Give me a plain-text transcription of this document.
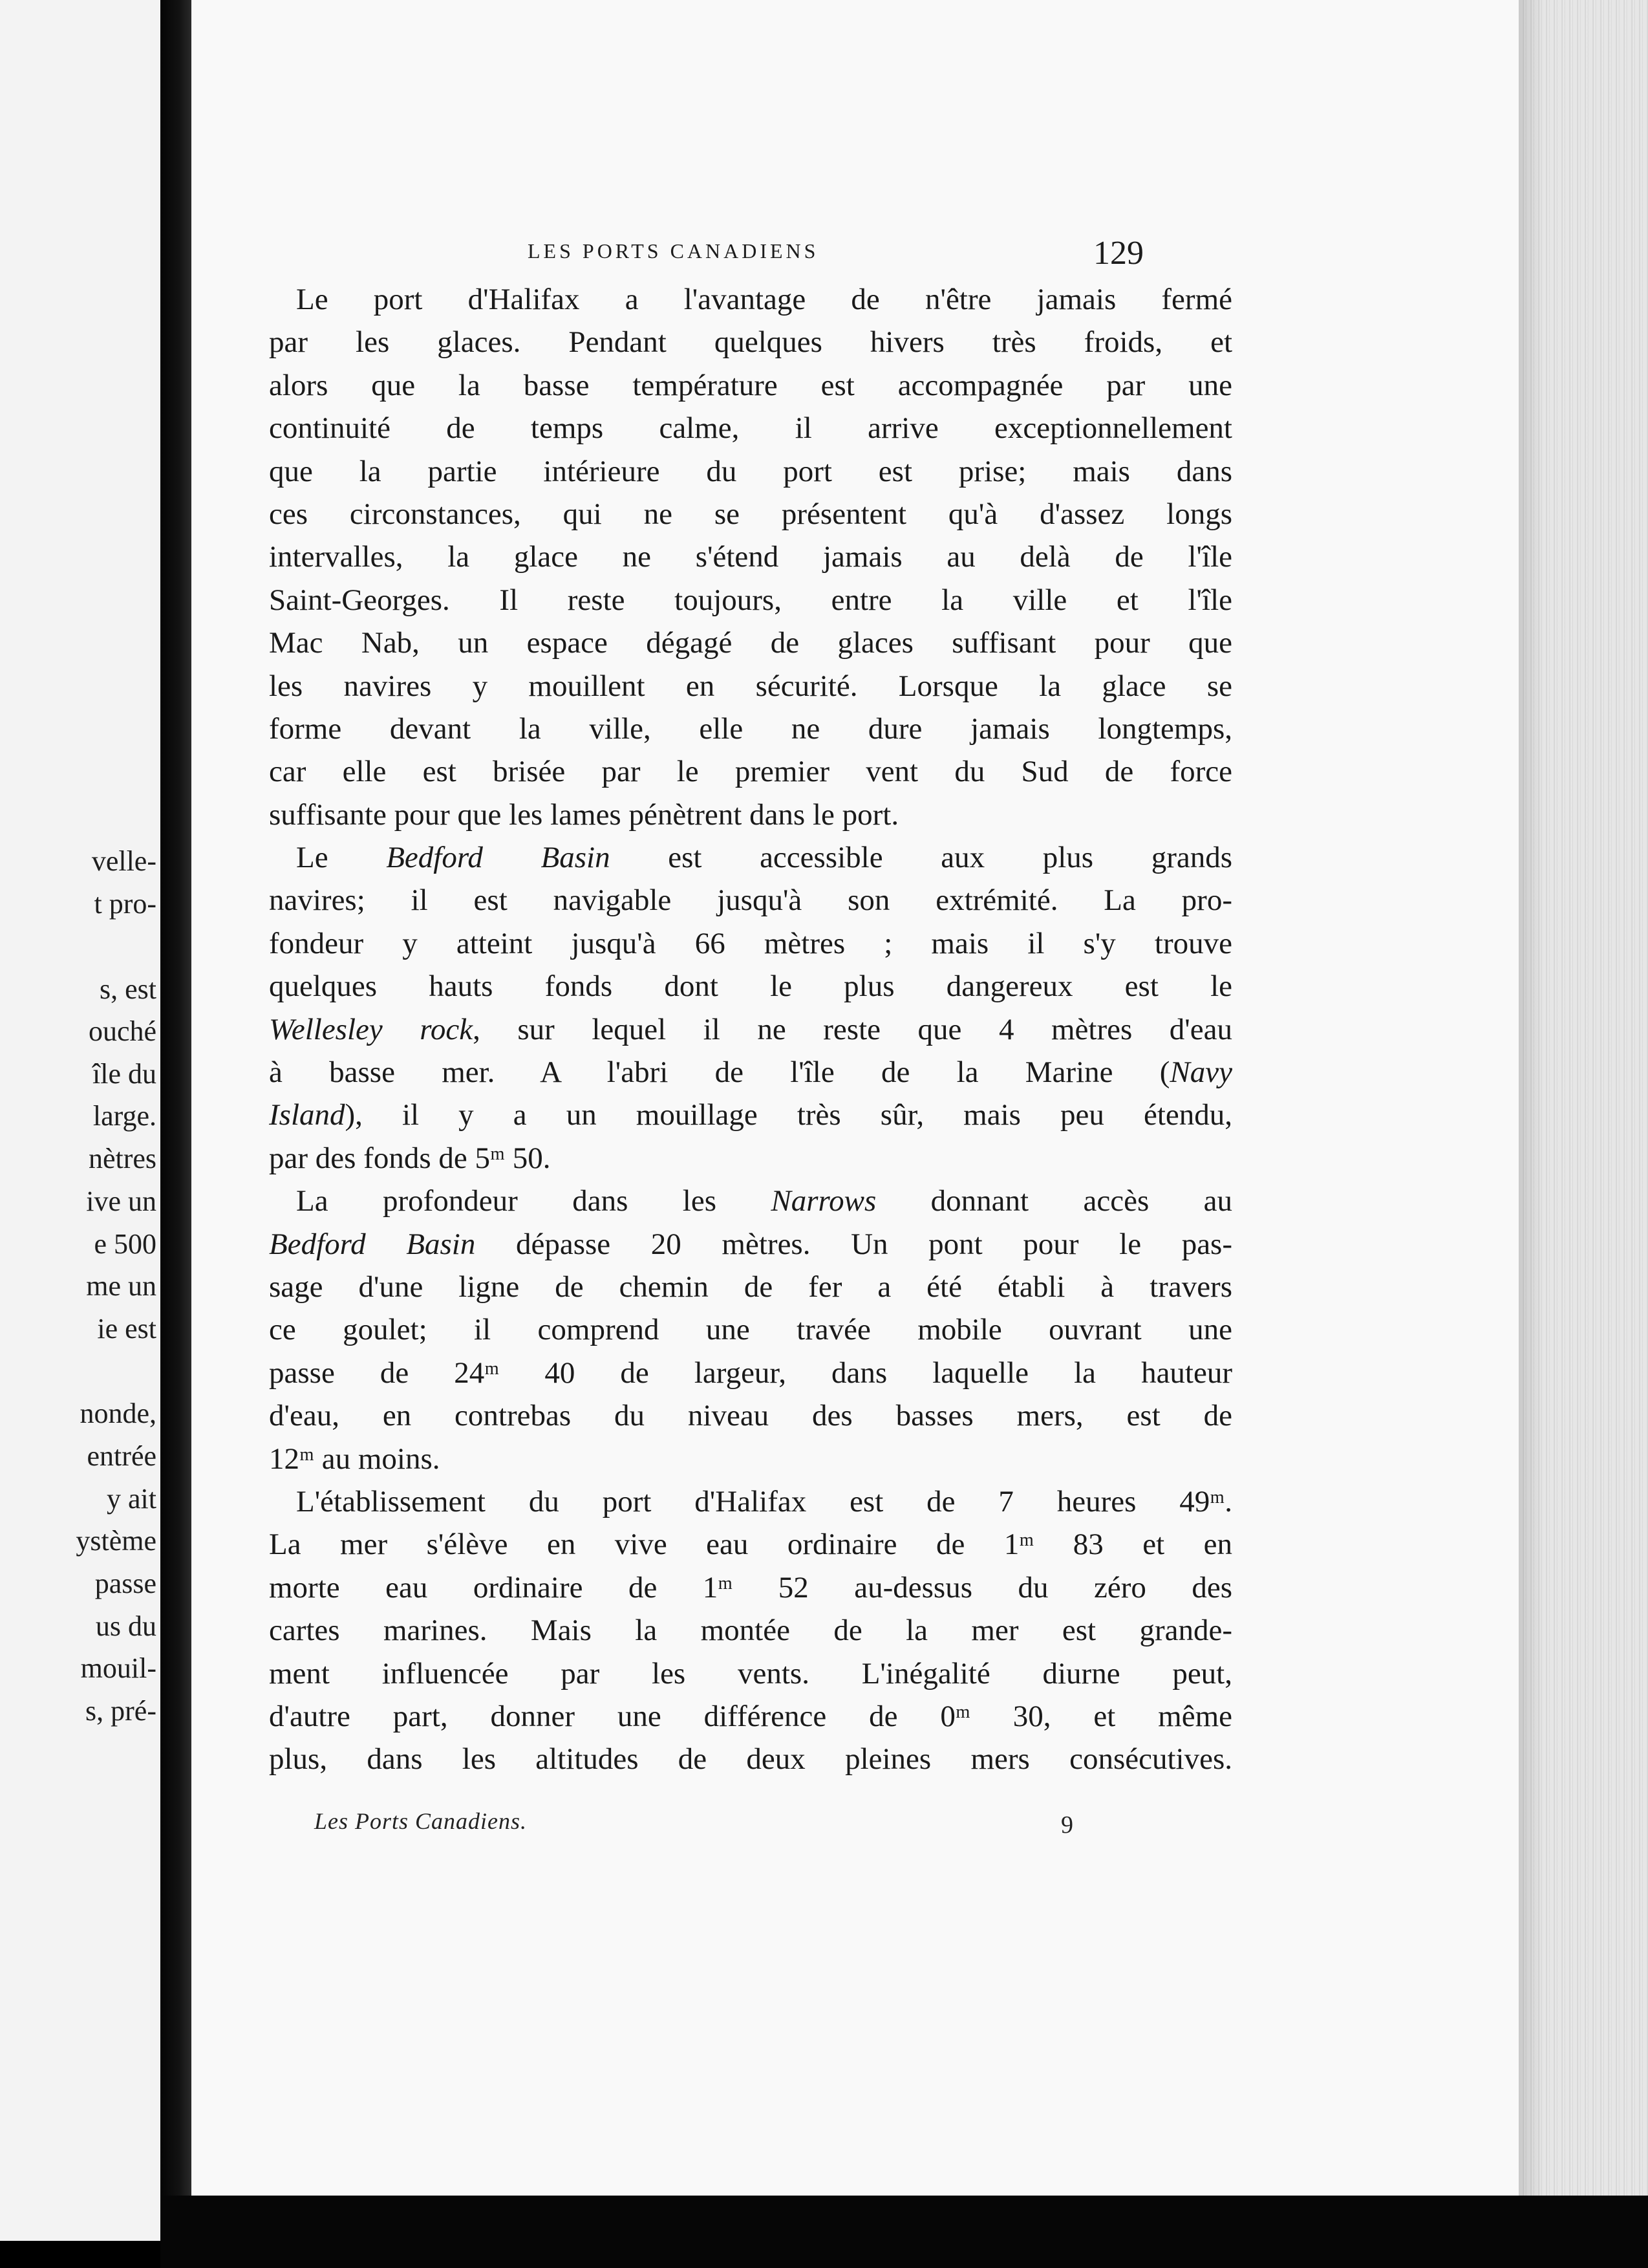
velle-
t pro-
s, est
ouché
île du
large.
nètres
ive un
e 500
me un
ie est
nonde,
entrée
y ait
ystème
passe
us du
mouil-
s, pré-
LES PORTS CANADIENS	129
Le port d'Halifax a l'avantage de n'être jamais fermé
par les glaces. Pendant quelques hivers très froids, et
alors que la basse température est accompagnée par une
continuité de temps calme, il arrive exceptionnellement
que la partie intérieure du port est prise; mais dans
ces circonstances, qui ne se présentent qu'à d'assez longs
intervalles, la glace ne s'étend jamais au delà de l'île
Saint-Georges. Il reste toujours, entre la ville et l'île
Mac Nab, un espace dégagé de glaces suffisant pour que
les navires y mouillent en sécurité. Lorsque la glace se
forme devant la ville, elle ne dure jamais longtemps,
car elle est brisée par le premier vent du Sud de force
suffisante pour que les lames pénètrent dans le port.
Le Bedford Basin est accessible aux plus grands
navires; il est navigable jusqu'à son extrémité. La pro-
fondeur y atteint jusqu'à 66 mètres ; mais il s'y trouve
quelques hauts fonds dont le plus dangereux est le
Wellesley rock, sur lequel il ne reste que 4 mètres d'eau
à basse mer. A l'abri de l'île de la Marine (Navy
Island), il y a un mouillage très sûr, mais peu étendu,
par des fonds de 5ᵐ 50.
La profondeur dans les Narrows donnant accès au
Bedford Basin dépasse 20 mètres. Un pont pour le pas-
sage d'une ligne de chemin de fer a été établi à travers
ce goulet; il comprend une travée mobile ouvrant une
passe de 24ᵐ 40 de largeur, dans laquelle la hauteur
d'eau, en contrebas du niveau des basses mers, est de
12ᵐ au moins.
L'établissement du port d'Halifax est de 7 heures 49ᵐ.
La mer s'élève en vive eau ordinaire de 1ᵐ 83 et en
morte eau ordinaire de 1ᵐ 52 au-dessus du zéro des
cartes marines. Mais la montée de la mer est grande-
ment influencée par les vents. L'inégalité diurne peut,
d'autre part, donner une différence de 0ᵐ 30, et même
plus, dans les altitudes de deux pleines mers consécutives.
Les Ports Canadiens.	9
